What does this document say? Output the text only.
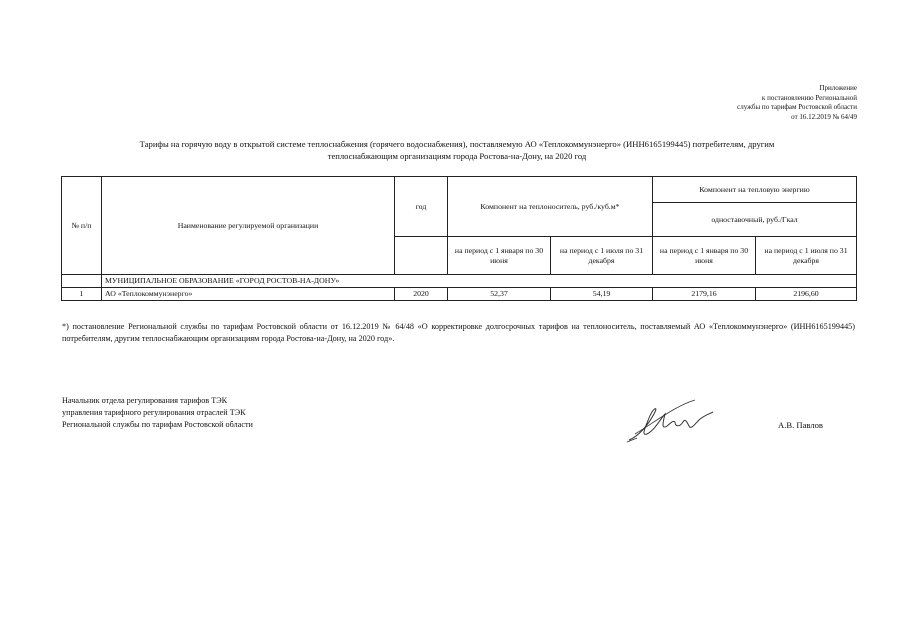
Приложение
к постановлению Региональной
службы по тарифам Ростовской области
от 16.12.2019 № 64/49
Тарифы на горячую воду в открытой системе теплоснабжения (горячего водоснабжения), поставляемую АО «Теплокоммунэнерго» (ИНН6165199445) потребителям, другим
теплоснабжающим организациям города Ростова-на-Дону, на 2020 год
№ п/п	Наименование регулируемой организации	год	Компонент на теплоноситель, руб./куб.м*		Компонент на тепловую энергию	
					одноставочный, руб./Гкал	
			на период с 1 января по 30 июня	на период с 1 июля по 31 декабря	на период с 1 января по 30 июня	на период с 1 июля по 31 декабря
	МУНИЦИПАЛЬНОЕ ОБРАЗОВАНИЕ «ГОРОД РОСТОВ-НА-ДОНУ»					
1	АО «Теплокоммунэнерго»	2020	52,37	54,19	2179,16	2196,60
*) постановление Региональной службы по тарифам Ростовской области от 16.12.2019 № 64/48 «О корректировке долгосрочных тарифов на теплоноситель, поставляемый АО «Теплокоммунэнерго» (ИНН6165199445) потребителям, другим теплоснабжающим организациям города Ростова-на-Дону, на 2020 год».
Начальник отдела регулирования тарифов ТЭК
управления тарифного регулирования отраслей ТЭК
Региональной службы по тарифам Ростовской области	А.В. Павлов
